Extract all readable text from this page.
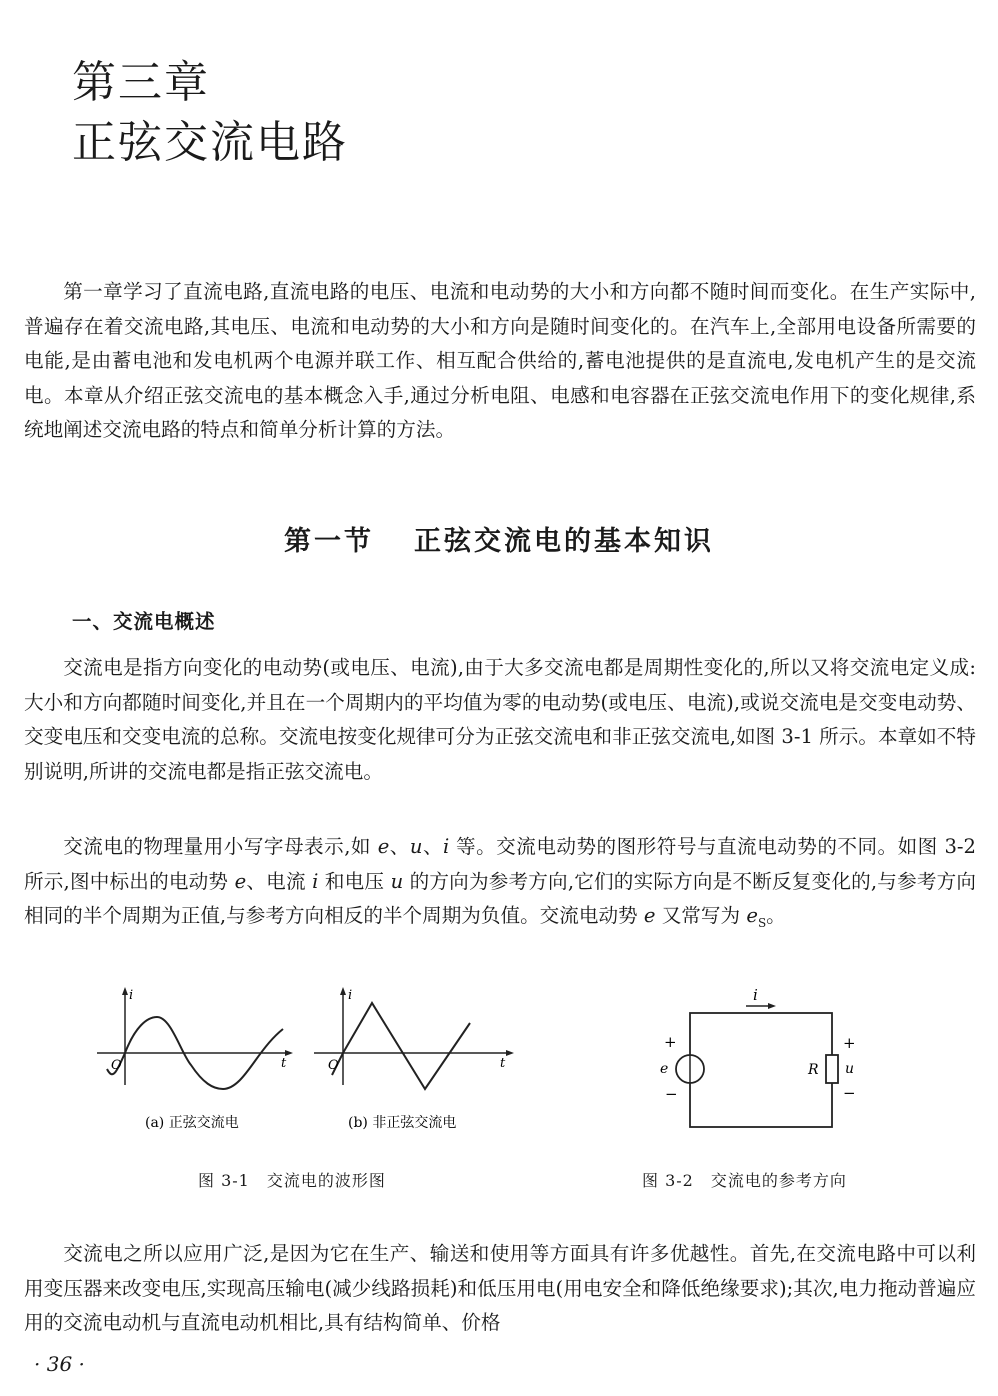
第三章
正弦交流电路

第一章学习了直流电路,直流电路的电压、电流和电动势的大小和方向都不随时间而变化。在生产实际中,普遍存在着交流电路,其电压、电流和电动势的大小和方向是随时间变化的。在汽车上,全部用电设备所需要的电能,是由蓄电池和发电机两个电源并联工作、相互配合供给的,蓄电池提供的是直流电,发电机产生的是交流电。本章从介绍正弦交流电的基本概念入手,通过分析电阻、电感和电容器在正弦交流电作用下的变化规律,系统地阐述交流电路的特点和简单分析计算的方法。

第一节 正弦交流电的基本知识
一、交流电概述

交流电是指方向变化的电动势(或电压、电流),由于大多交流电都是周期性变化的,所以又将交流电定义成:大小和方向都随时间变化,并且在一个周期内的平均值为零的电动势(或电压、电流),或说交流电是交变电动势、交变电压和交变电流的总称。交流电按变化规律可分为正弦交流电和非正弦交流电,如图 3-1 所示。本章如不特别说明,所讲的交流电都是指正弦交流电。

交流电的物理量用小写字母表示,如 e、u、i 等。交流电动势的图形符号与直流电动势的不同。如图 3-2 所示,图中标出的电动势 e、电流 i 和电压 u 的方向为参考方向,它们的实际方向是不断反复变化的,与参考方向相同的半个周期为正值,与参考方向相反的半个周期为负值。交流电动势 e 又常写为 $e_S$。

i
t
O
(a) 正弦交流电
i
t
O
(b) 非正弦交流电
图 3-1　交流电的波形图
i
+
e
−
R
+
u
−
图 3-2　交流电的参考方向

交流电之所以应用广泛,是因为它在生产、输送和使用等方面具有许多优越性。首先,在交流电路中可以利用变压器来改变电压,实现高压输电(减少线路损耗)和低压用电(用电安全和降低绝缘要求);其次,电力拖动普遍应用的交流电动机与直流电动机相比,具有结构简单、价格

· 36 ·
